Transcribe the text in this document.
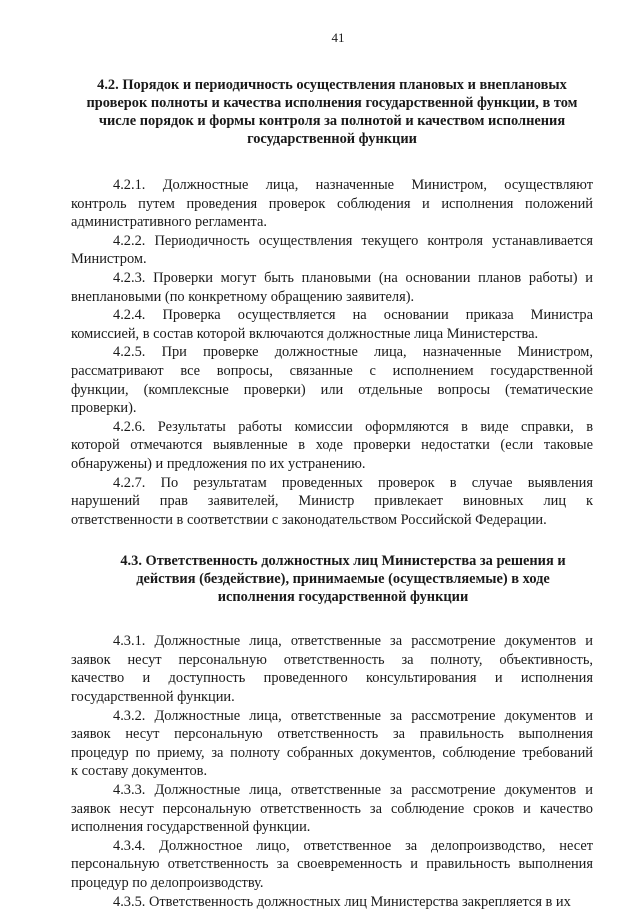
41
4.2. Порядок и периодичность осуществления плановых и внеплановых
проверок полноты и качества исполнения государственной функции, в том
числе порядок и формы контроля за полнотой и качеством исполнения
государственной функции
4.2.1. Должностные лица, назначенные Министром, осуществляют
контроль путем проведения проверок соблюдения и исполнения положений
административного регламента.
4.2.2. Периодичность осуществления текущего контроля устанавливается
Министром.
4.2.3. Проверки могут быть плановыми (на основании планов работы) и
внеплановыми (по конкретному обращению заявителя).
4.2.4. Проверка осуществляется на основании приказа Министра
комиссией, в состав которой включаются должностные лица Министерства.
4.2.5. При проверке должностные лица, назначенные Министром,
рассматривают все вопросы, связанные с исполнением государственной
функции, (комплексные проверки) или отдельные вопросы (тематические
проверки).
4.2.6. Результаты работы комиссии оформляются в виде справки, в
которой отмечаются выявленные в ходе проверки недостатки (если таковые
обнаружены) и предложения по их устранению.
4.2.7. По результатам проведенных проверок в случае выявления
нарушений прав заявителей, Министр привлекает виновных лиц к
ответственности в соответствии с законодательством Российской Федерации.
4.3. Ответственность должностных лиц Министерства за решения и
действия (бездействие), принимаемые (осуществляемые) в ходе
исполнения государственной функции
4.3.1. Должностные лица, ответственные за рассмотрение документов и
заявок несут персональную ответственность за полноту, объективность,
качество и доступность проведенного консультирования и исполнения
государственной функции.
4.3.2. Должностные лица, ответственные за рассмотрение документов и
заявок несут персональную ответственность за правильность выполнения
процедур по приему, за полноту собранных документов, соблюдение требований
к составу документов.
4.3.3. Должностные лица, ответственные за рассмотрение документов и
заявок несут персональную ответственность за соблюдение сроков и качество
исполнения государственной функции.
4.3.4. Должностное лицо, ответственное за делопроизводство, несет
персональную ответственность за своевременность и правильность выполнения
процедур по делопроизводству.
4.3.5. Ответственность должностных лиц Министерства закрепляется в их
